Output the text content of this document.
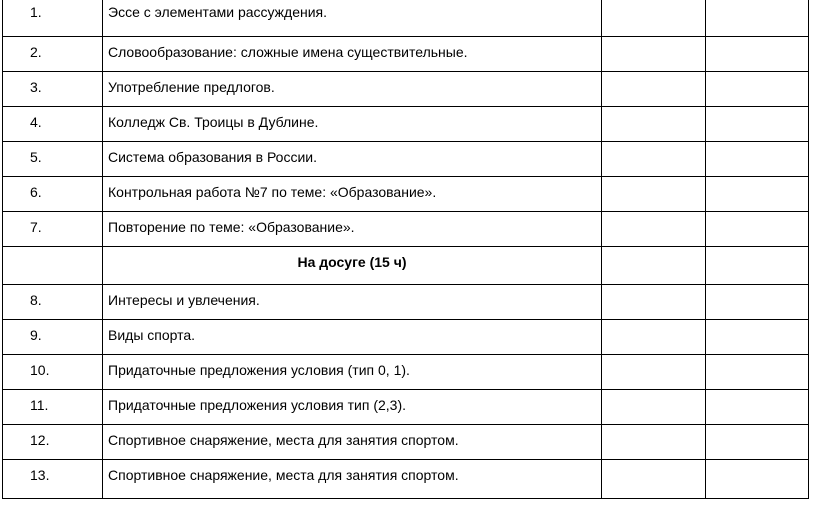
1.	Эссе с элементами рассуждения.		
2.	Словообразование: сложные имена существительные.		
3.	Употребление предлогов.		
4.	Колледж Св. Троицы в Дублине.		
5.	Система образования в России.		
6.	Контрольная работа №7 по теме: «Образование».		
7.	Повторение по теме: «Образование».		
	На досуге (15 ч)		
8.	Интересы и увлечения.		
9.	Виды спорта.		
10.	Придаточные предложения условия (тип 0, 1).		
11.	Придаточные предложения условия тип (2,3).		
12.	Спортивное снаряжение, места для занятия спортом.		
13.	Спортивное снаряжение, места для занятия спортом.		
